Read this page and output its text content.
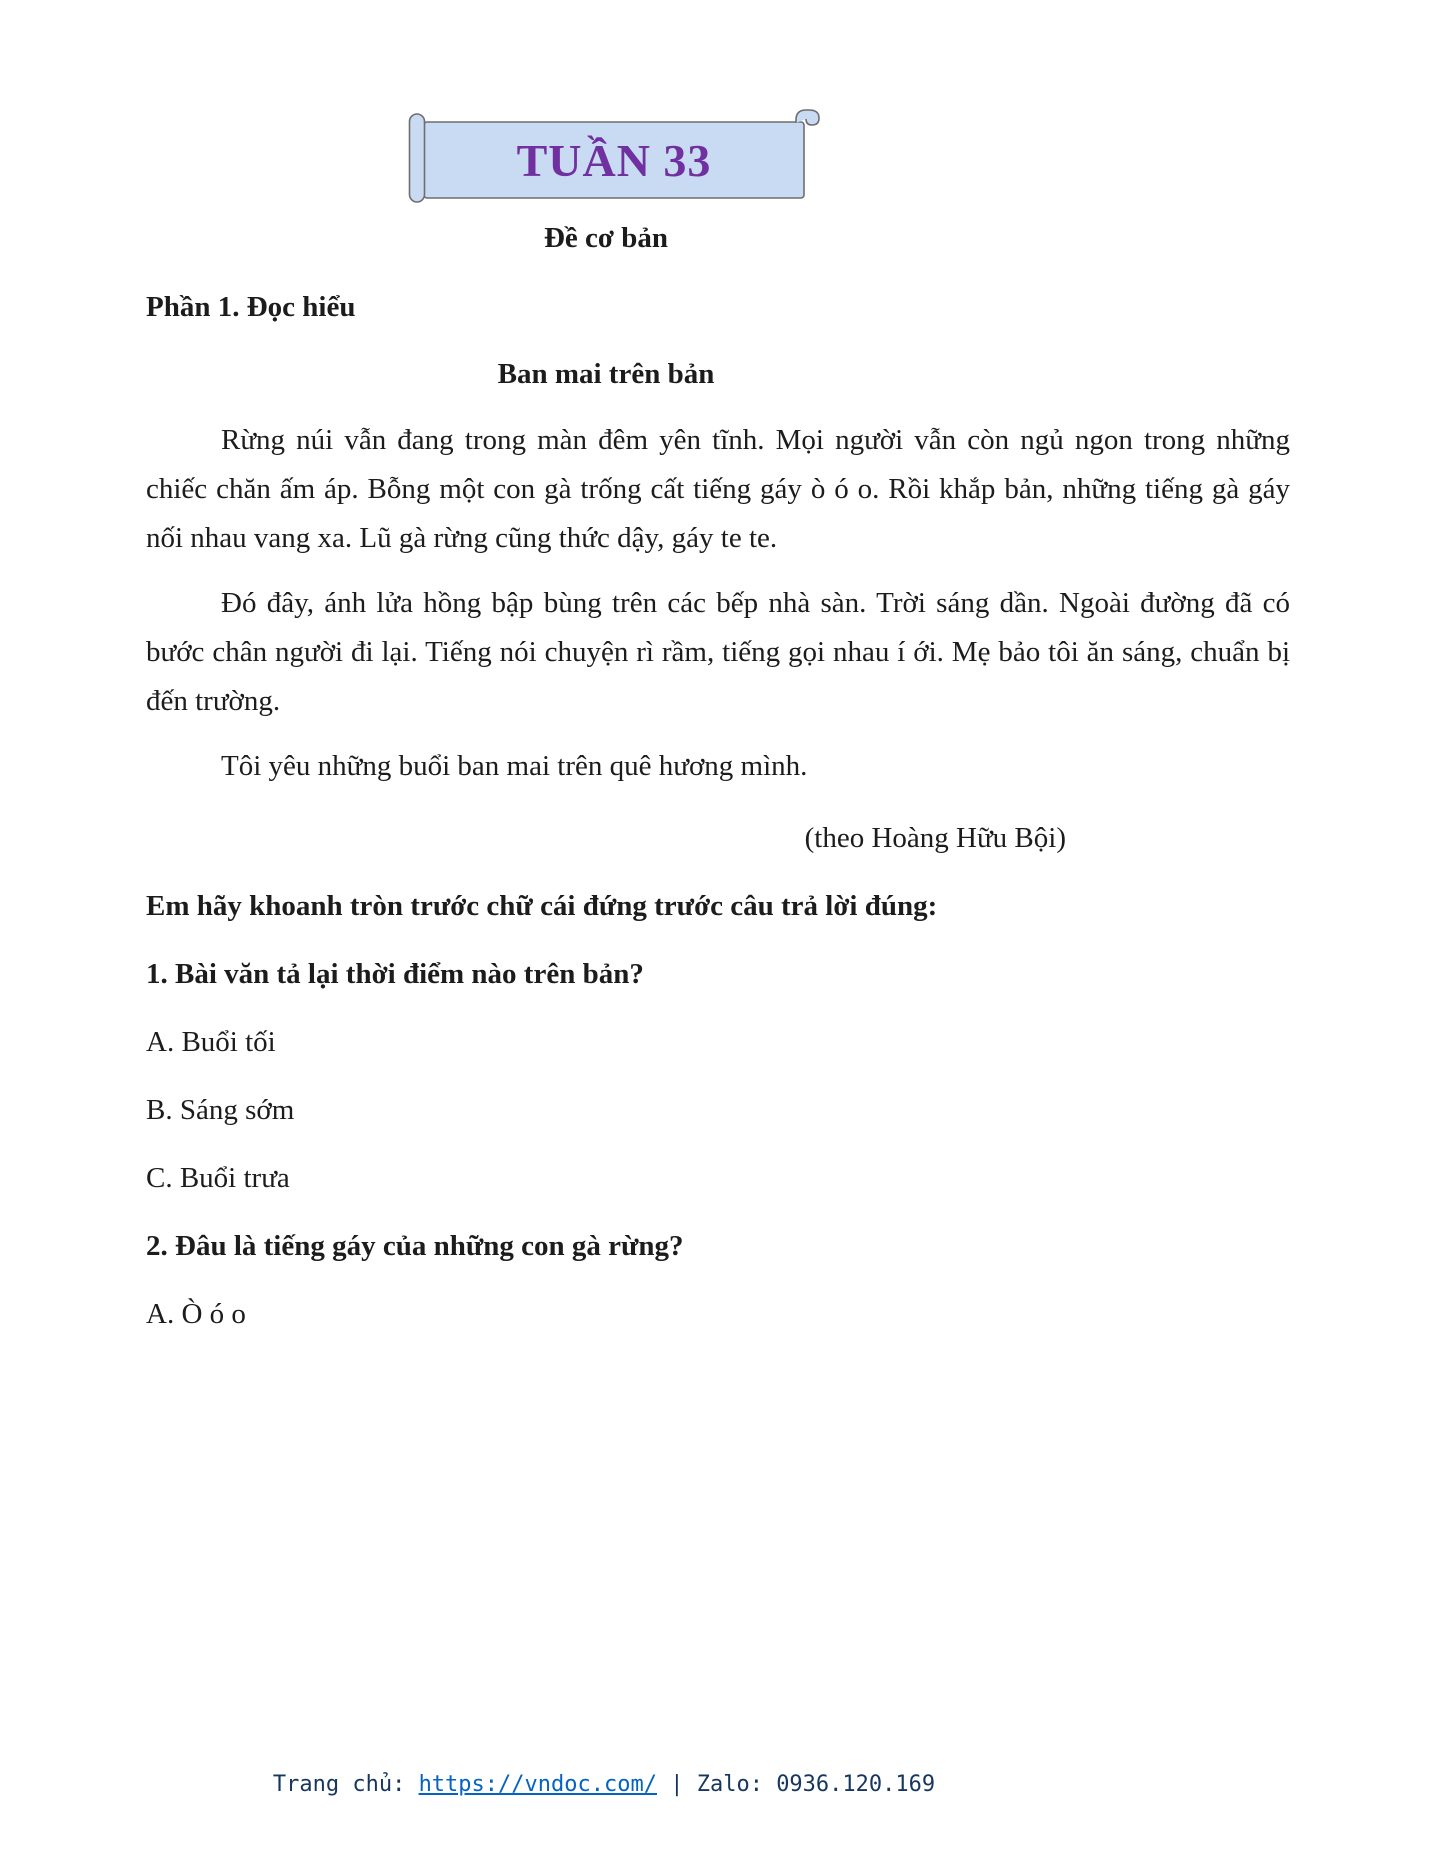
TUẦN 33

Đề cơ bản

Phần 1. Đọc hiểu

Ban mai trên bản

Rừng núi vẫn đang trong màn đêm yên tĩnh. Mọi người vẫn còn ngủ ngon trong những chiếc chăn ấm áp. Bỗng một con gà trống cất tiếng gáy ò ó o. Rồi khắp bản, những tiếng gà gáy nối nhau vang xa. Lũ gà rừng cũng thức dậy, gáy te te.

Đó đây, ánh lửa hồng bập bùng trên các bếp nhà sàn. Trời sáng dần. Ngoài đường đã có bước chân người đi lại. Tiếng nói chuyện rì rầm, tiếng gọi nhau í ới. Mẹ bảo tôi ăn sáng, chuẩn bị đến trường.

Tôi yêu những buổi ban mai trên quê hương mình.

(theo Hoàng Hữu Bội)

Em hãy khoanh tròn trước chữ cái đứng trước câu trả lời đúng:

1. Bài văn tả lại thời điểm nào trên bản?

A. Buổi tối

B. Sáng sớm

C. Buổi trưa

2. Đâu là tiếng gáy của những con gà rừng?

A. Ò ó o

Trang chủ: https://vndoc.com/ | Zalo: 0936.120.169
